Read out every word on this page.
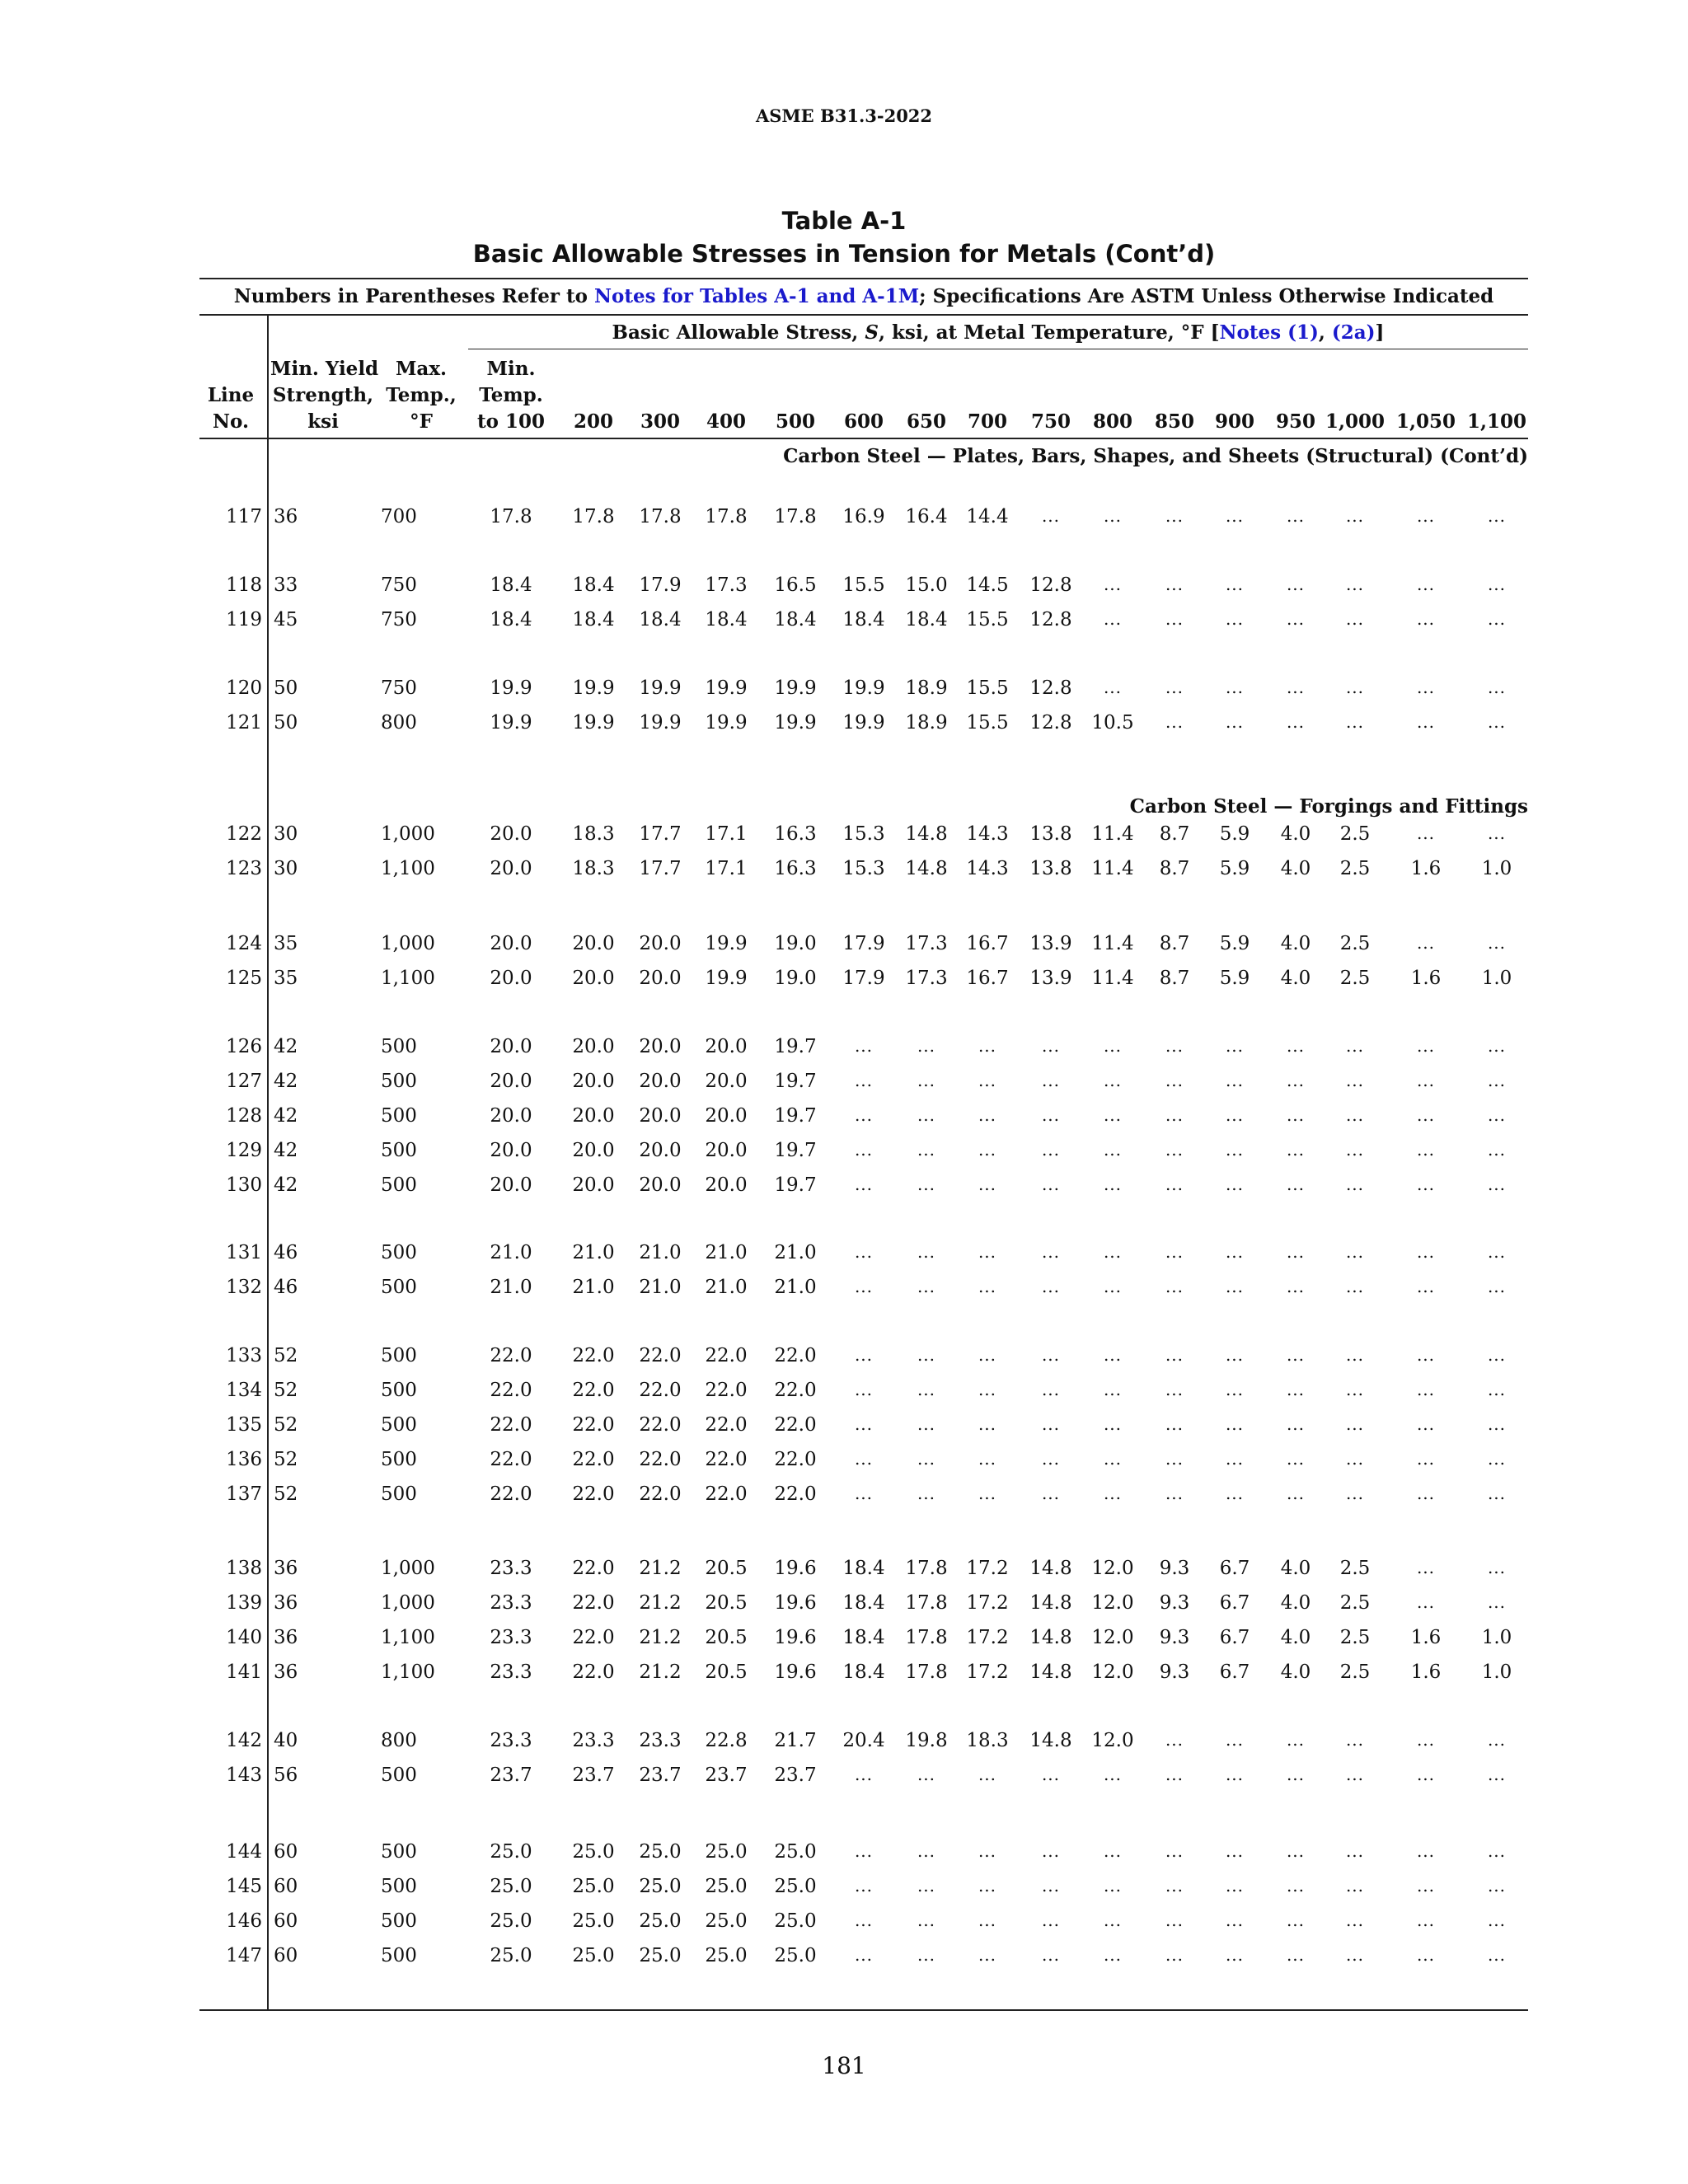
ASME B31.3-2022
Table A-1
Basic Allowable Stresses in Tension for Metals (Cont’d)
Numbers in Parentheses Refer to Notes for Tables A-1 and A-1M; Specifications Are ASTM Unless Otherwise Indicated
Basic Allowable Stress, S, ksi, at Metal Temperature, °F [Notes (1), (2a)]
Line
No.
Min. Yield
Strength,
ksi
Max.
Temp.,
°F
Min.
Temp.
to 100	200	300	400	500	600	650	700	750	800	850	900	950 1,000 1,050 1,100
Carbon Steel — Plates, Bars, Shapes, and Sheets (Structural) (Cont’d)
Carbon Steel — Forgings and Fittings
117 36	700	17.8	17.8	17.8	17.8	17.8	16.9	16.4 14.4	...	...	...	...	...	...	...	...
118 33	750	18.4	18.4	17.9	17.3	16.5	15.5	15.0 14.5	12.8	...	...	...	...	...	...	...
119 45	750	18.4	18.4	18.4	18.4	18.4	18.4	18.4 15.5	12.8	...	...	...	...	...	...	...
120 50	750	19.9	19.9	19.9	19.9	19.9	19.9	18.9 15.5	12.8	...	...	...	...	...	...	...
121 50	800	19.9	19.9	19.9	19.9	19.9	19.9	18.9 15.5	12.8	10.5	...	...	...	...	...	...
122 30	1,000	20.0	18.3	17.7	17.1	16.3	15.3	14.8 14.3	13.8	11.4	8.7	5.9	4.0	2.5	...	...
123 30	1,100	20.0	18.3	17.7	17.1	16.3	15.3	14.8 14.3	13.8	11.4	8.7	5.9	4.0	2.5	1.6	1.0
124 35	1,000	20.0	20.0	20.0	19.9	19.0	17.9	17.3 16.7	13.9	11.4	8.7	5.9	4.0	2.5	...	...
125 35	1,100	20.0	20.0	20.0	19.9	19.0	17.9	17.3 16.7	13.9	11.4	8.7	5.9	4.0	2.5	1.6	1.0
126 42	500	20.0	20.0	20.0	20.0	19.7	...	...	...	...	...	...	...	...	...	...	...
127 42	500	20.0	20.0	20.0	20.0	19.7	...	...	...	...	...	...	...	...	...	...	...
128 42	500	20.0	20.0	20.0	20.0	19.7	...	...	...	...	...	...	...	...	...	...	...
129 42	500	20.0	20.0	20.0	20.0	19.7	...	...	...	...	...	...	...	...	...	...	...
130 42	500	20.0	20.0	20.0	20.0	19.7	...	...	...	...	...	...	...	...	...	...	...
131 46	500	21.0	21.0	21.0	21.0	21.0	...	...	...	...	...	...	...	...	...	...	...
132 46	500	21.0	21.0	21.0	21.0	21.0	...	...	...	...	...	...	...	...	...	...	...
133 52	500	22.0	22.0	22.0	22.0	22.0	...	...	...	...	...	...	...	...	...	...	...
134 52	500	22.0	22.0	22.0	22.0	22.0	...	...	...	...	...	...	...	...	...	...	...
135 52	500	22.0	22.0	22.0	22.0	22.0	...	...	...	...	...	...	...	...	...	...	...
136 52	500	22.0	22.0	22.0	22.0	22.0	...	...	...	...	...	...	...	...	...	...	...
137 52	500	22.0	22.0	22.0	22.0	22.0	...	...	...	...	...	...	...	...	...	...	...
138 36	1,000	23.3	22.0	21.2	20.5	19.6	18.4	17.8 17.2	14.8	12.0	9.3	6.7	4.0	2.5	...	...
139 36	1,000	23.3	22.0	21.2	20.5	19.6	18.4	17.8 17.2	14.8	12.0	9.3	6.7	4.0	2.5	...	...
140 36	1,100	23.3	22.0	21.2	20.5	19.6	18.4	17.8 17.2	14.8	12.0	9.3	6.7	4.0	2.5	1.6	1.0
141 36	1,100	23.3	22.0	21.2	20.5	19.6	18.4	17.8 17.2	14.8	12.0	9.3	6.7	4.0	2.5	1.6	1.0
142 40	800	23.3	23.3	23.3	22.8	21.7	20.4	19.8 18.3	14.8	12.0	...	...	...	...	...	...
143 56	500	23.7	23.7	23.7	23.7	23.7	...	...	...	...	...	...	...	...	...	...	...
144 60	500	25.0	25.0	25.0	25.0	25.0	...	...	...	...	...	...	...	...	...	...	...
145 60	500	25.0	25.0	25.0	25.0	25.0	...	...	...	...	...	...	...	...	...	...	...
146 60	500	25.0	25.0	25.0	25.0	25.0	...	...	...	...	...	...	...	...	...	...	...
147 60	500	25.0	25.0	25.0	25.0	25.0	...	...	...	...	...	...	...	...	...	...	...
181
